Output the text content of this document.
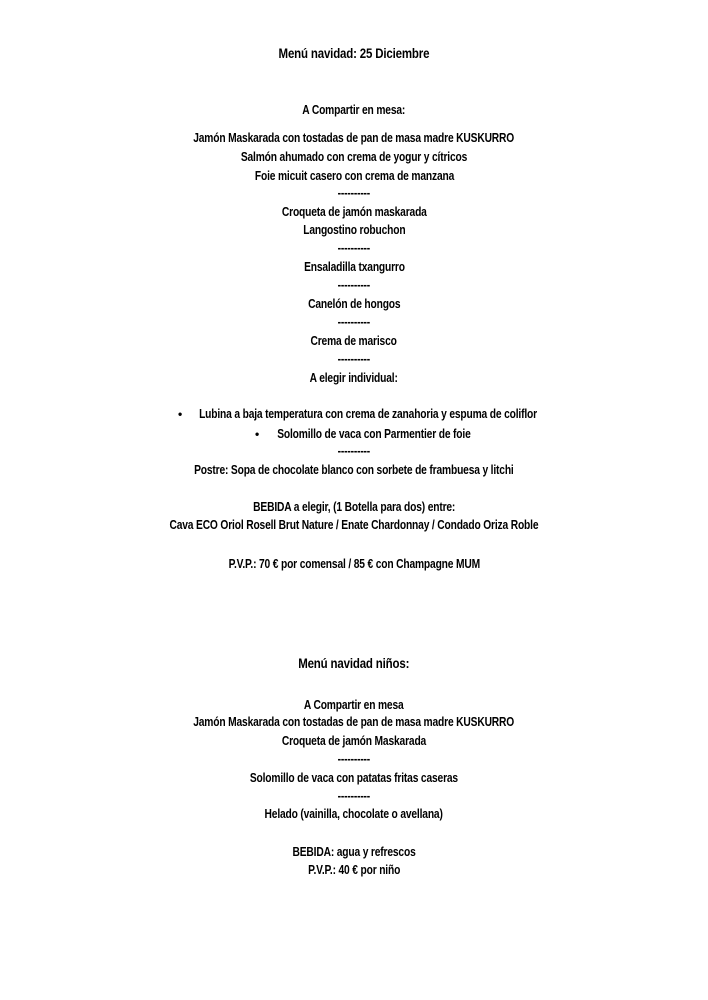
Menú navidad: 25 Diciembre
A Compartir en mesa:
Jamón Maskarada con tostadas de pan de masa madre KUSKURRO
Salmón ahumado con crema de yogur y cítricos
Foie micuit casero con crema de manzana
----------
Croqueta de jamón maskarada
Langostino robuchon
----------
Ensaladilla txangurro
----------
Canelón de hongos
----------
Crema de marisco
----------
A elegir individual:
•	Lubina a baja temperatura con crema de zanahoria y espuma de coliflor
•	Solomillo de vaca con Parmentier de foie
----------
Postre: Sopa de chocolate blanco con sorbete de frambuesa y litchi
BEBIDA a elegir, (1 Botella para dos) entre:
Cava ECO Oriol Rosell Brut Nature / Enate Chardonnay / Condado Oriza Roble
P.V.P.: 70 € por comensal / 85 € con Champagne MUM
Menú navidad niños:
A Compartir en mesa
Jamón Maskarada con tostadas de pan de masa madre KUSKURRO
Croqueta de jamón Maskarada
----------
Solomillo de vaca con patatas fritas caseras
----------
Helado (vainilla, chocolate o avellana)
BEBIDA: agua y refrescos
P.V.P.: 40 € por niño
